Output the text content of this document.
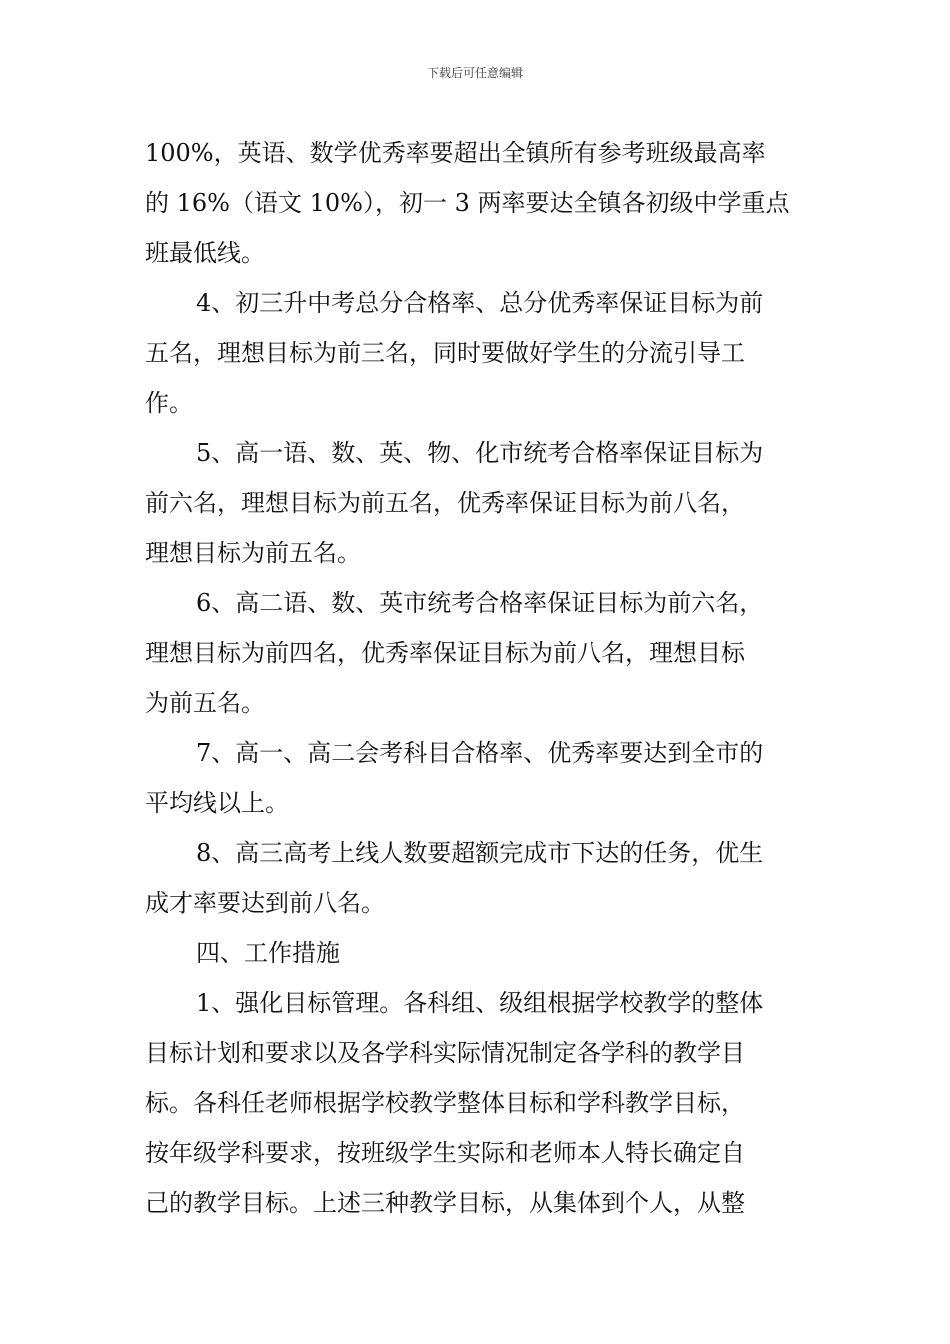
下载后可任意编辑
100%，英语、数学优秀率要超出全镇所有参考班级最高率
的 16%（语文 10%），初一 3 两率要达全镇各初级中学重点
班最低线。
4、初三升中考总分合格率、总分优秀率保证目标为前
五名，理想目标为前三名，同时要做好学生的分流引导工
作。
5、高一语、数、英、物、化市统考合格率保证目标为
前六名，理想目标为前五名，优秀率保证目标为前八名，
理想目标为前五名。
6、高二语、数、英市统考合格率保证目标为前六名，
理想目标为前四名，优秀率保证目标为前八名，理想目标
为前五名。
7、高一、高二会考科目合格率、优秀率要达到全市的
平均线以上。
8、高三高考上线人数要超额完成市下达的任务，优生
成才率要达到前八名。
四、工作措施
1、强化目标管理。各科组、级组根据学校教学的整体
目标计划和要求以及各学科实际情况制定各学科的教学目
标。各科任老师根据学校教学整体目标和学科教学目标，
按年级学科要求，按班级学生实际和老师本人特长确定自
己的教学目标。上述三种教学目标，从集体到个人，从整
